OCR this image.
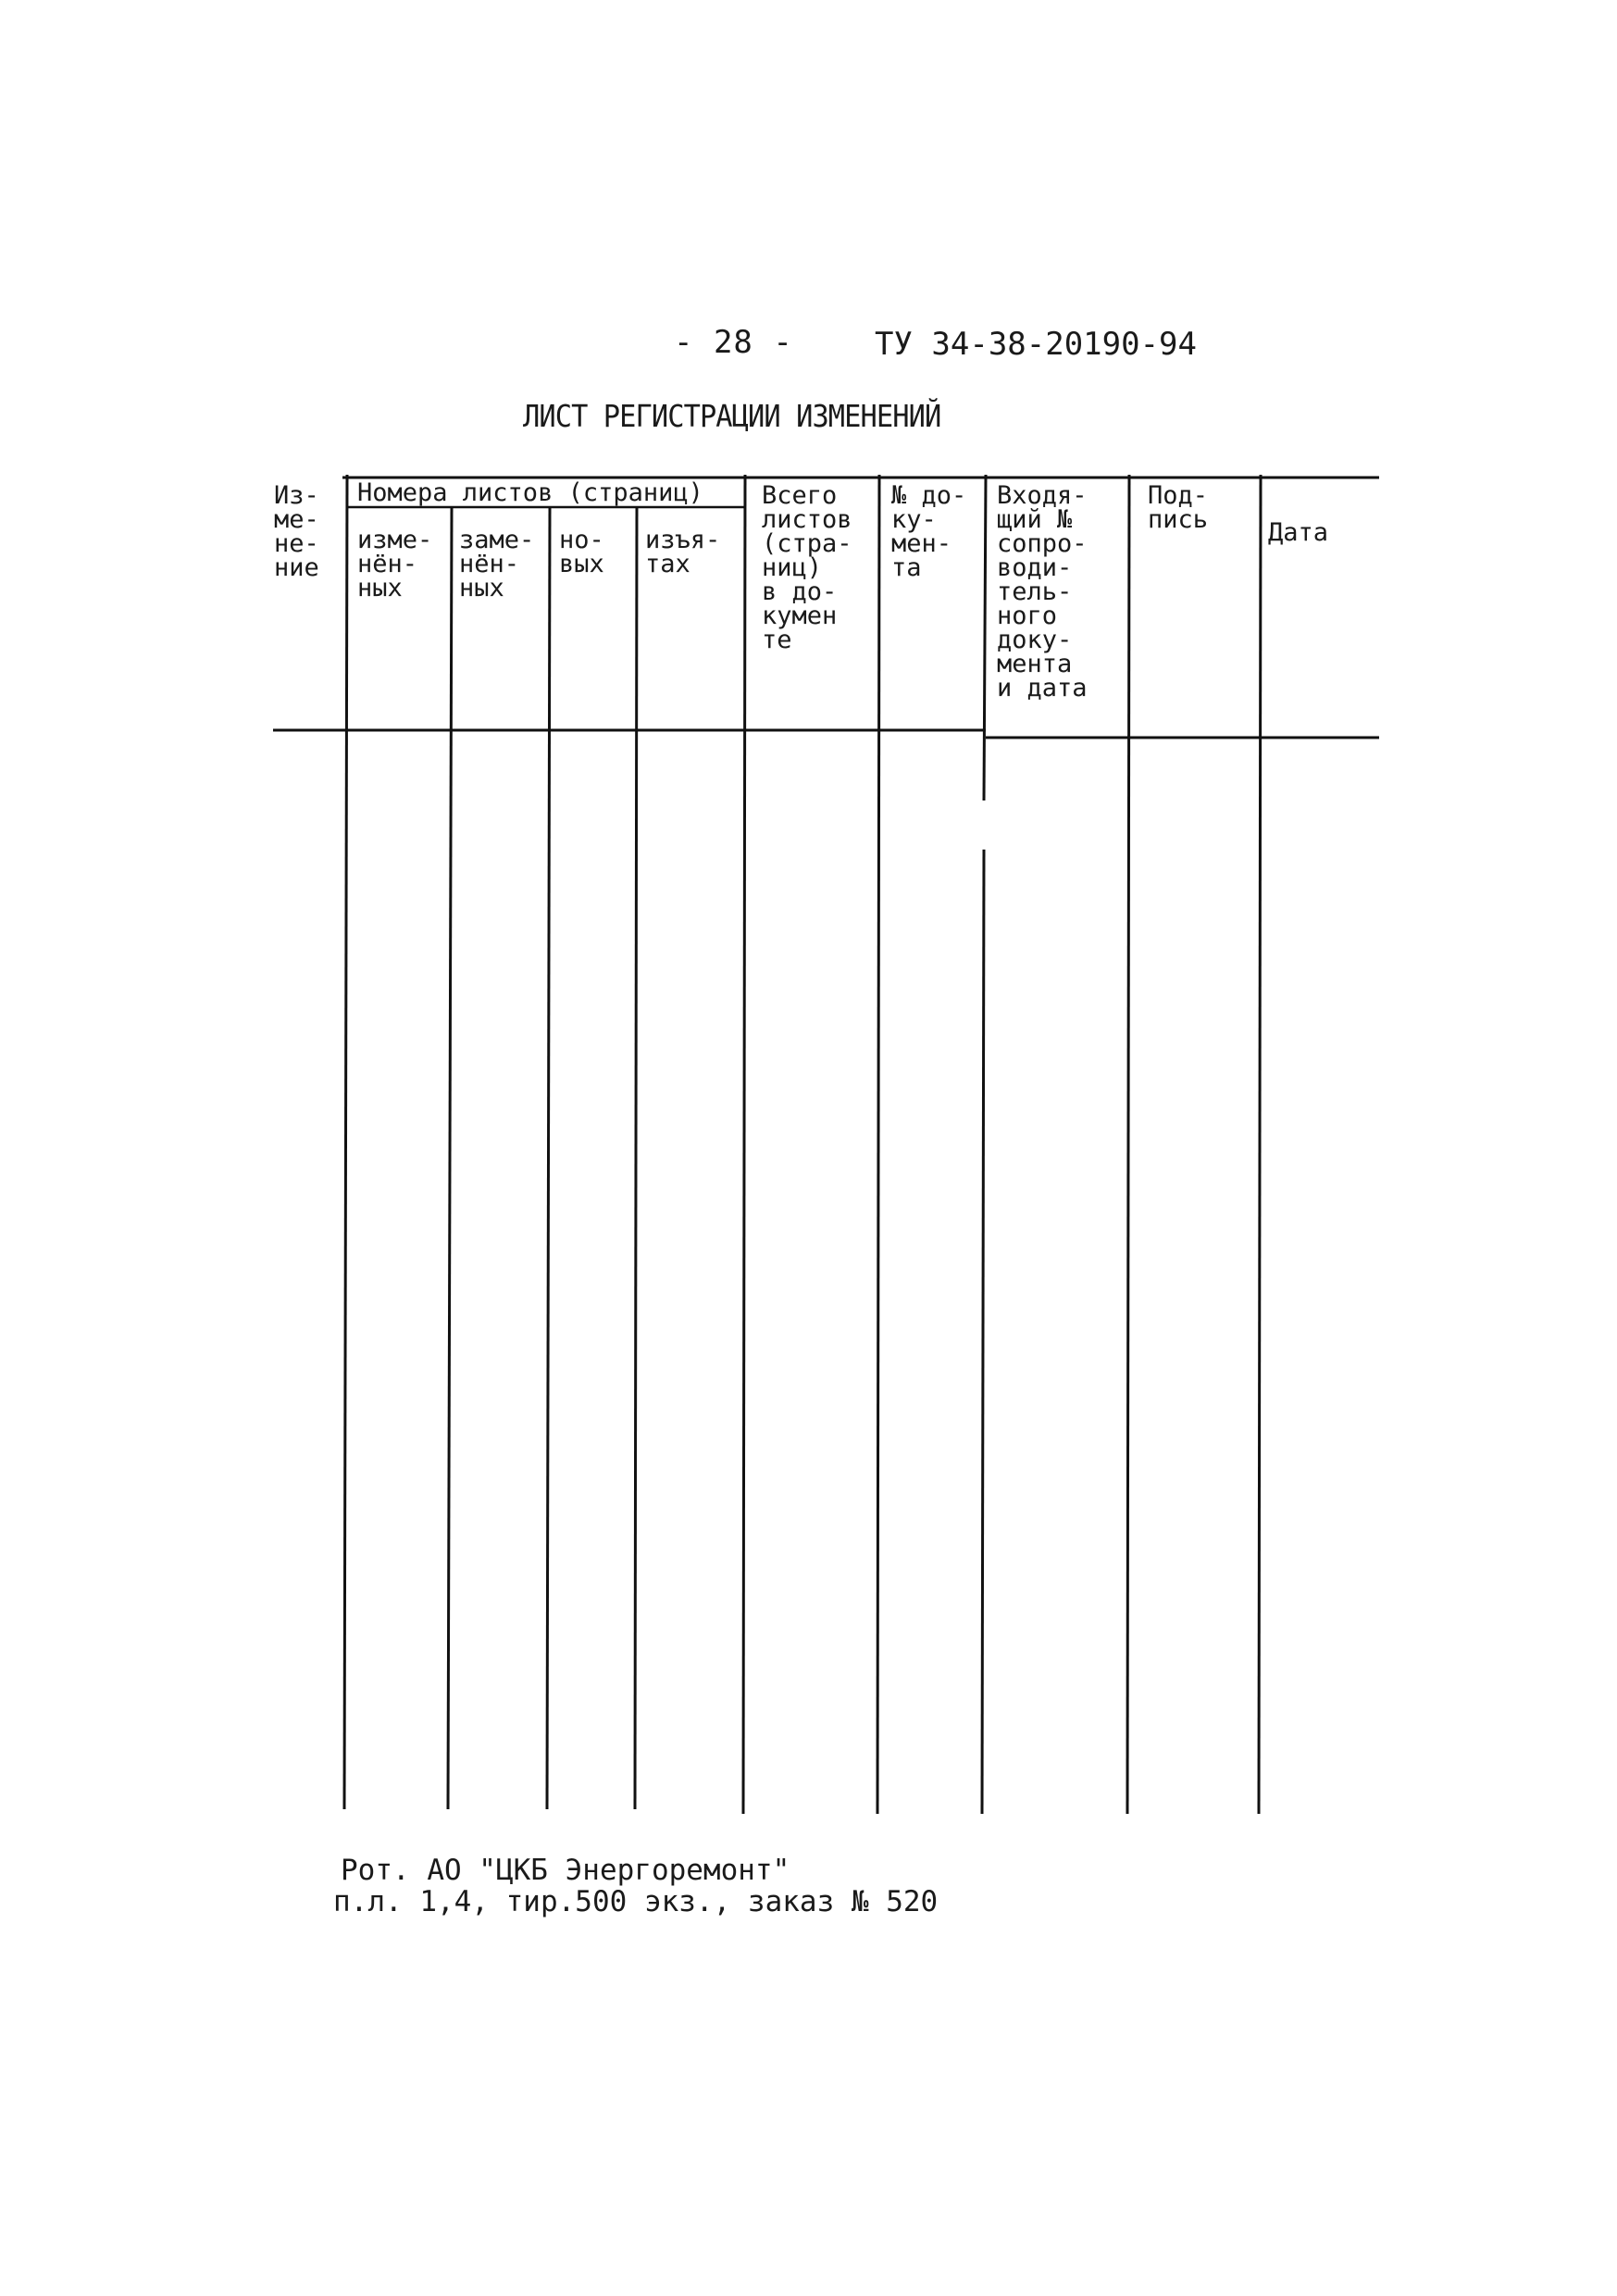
- 28 -	ТУ 34-38-20190-94
ЛИСТ РЕГИСТРАЦИИ ИЗМЕНЕНИЙ
Из-
ме-
не-
ние
Номера листов (страниц)
изме-
нён-
ных
заме-
нён-
ных
но-
вых
изъя-
тах
Всего
листов
(стра-
ниц)
в до-
кумен
те
№ до-
ку-
мен-
та
Входя-
щий №
сопро-
води-
тель-
ного
доку-
мента
и дата
Под-
пись Дата
Рот. АО "ЦКБ Энергоремонт"
п.л. 1,4, тир.500 экз., заказ № 520
